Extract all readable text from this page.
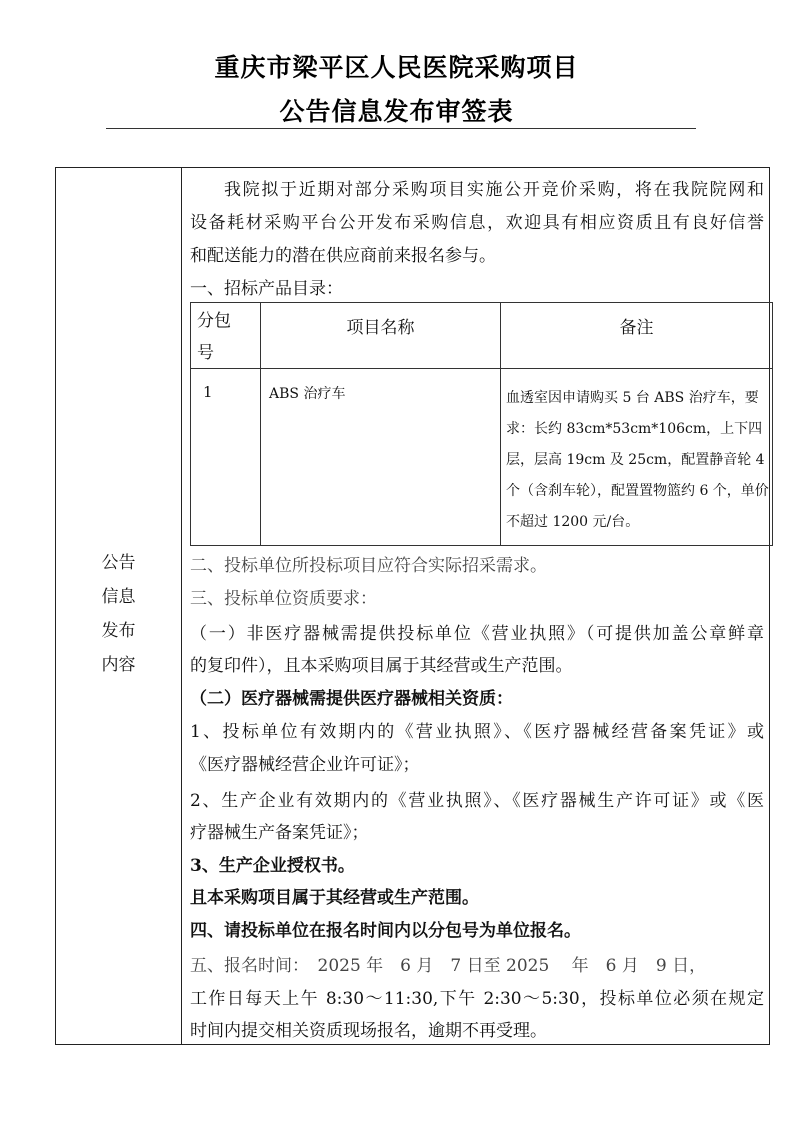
重庆市梁平区人民医院采购项目
公告信息发布审签表
公告
信息
发布
内容
我院拟于近期对部分采购项目实施公开竞价采购，将在我院院网和
设备耗材采购平台公开发布采购信息，欢迎具有相应资质且有良好信誉
和配送能力的潜在供应商前来报名参与。
一、招标产品目录：
分包
号	项目名称	备注
1	ABS 治疗车	血透室因申请购买 5 台 ABS 治疗车，要求：长约 83cm*53cm*106cm，上下四层，层高 19cm 及 25cm，配置静音轮 4 个（含刹车轮），配置置物篮约 6 个，单价不超过 1200 元/台。
二、投标单位所投标项目应符合实际招采需求。
三、投标单位资质要求：
（一）非医疗器械需提供投标单位《营业执照》（可提供加盖公章鲜章
的复印件），且本采购项目属于其经营或生产范围。
（二）医疗器械需提供医疗器械相关资质：
1、投标单位有效期内的《营业执照》、《医疗器械经营备案凭证》或
《医疗器械经营企业许可证》；
2、生产企业有效期内的《营业执照》、《医疗器械生产许可证》或《医
疗器械生产备案凭证》；
3、生产企业授权书。
且本采购项目属于其经营或生产范围。
四、请投标单位在报名时间内以分包号为单位报名。
五、报名时间：　2025 年　6 月　7 日至 2025　 年　6 月　9 日，
工作日每天上午 8:30～11:30,下午 2:30～5:30，投标单位必须在规定
时间内提交相关资质现场报名，逾期不再受理。
